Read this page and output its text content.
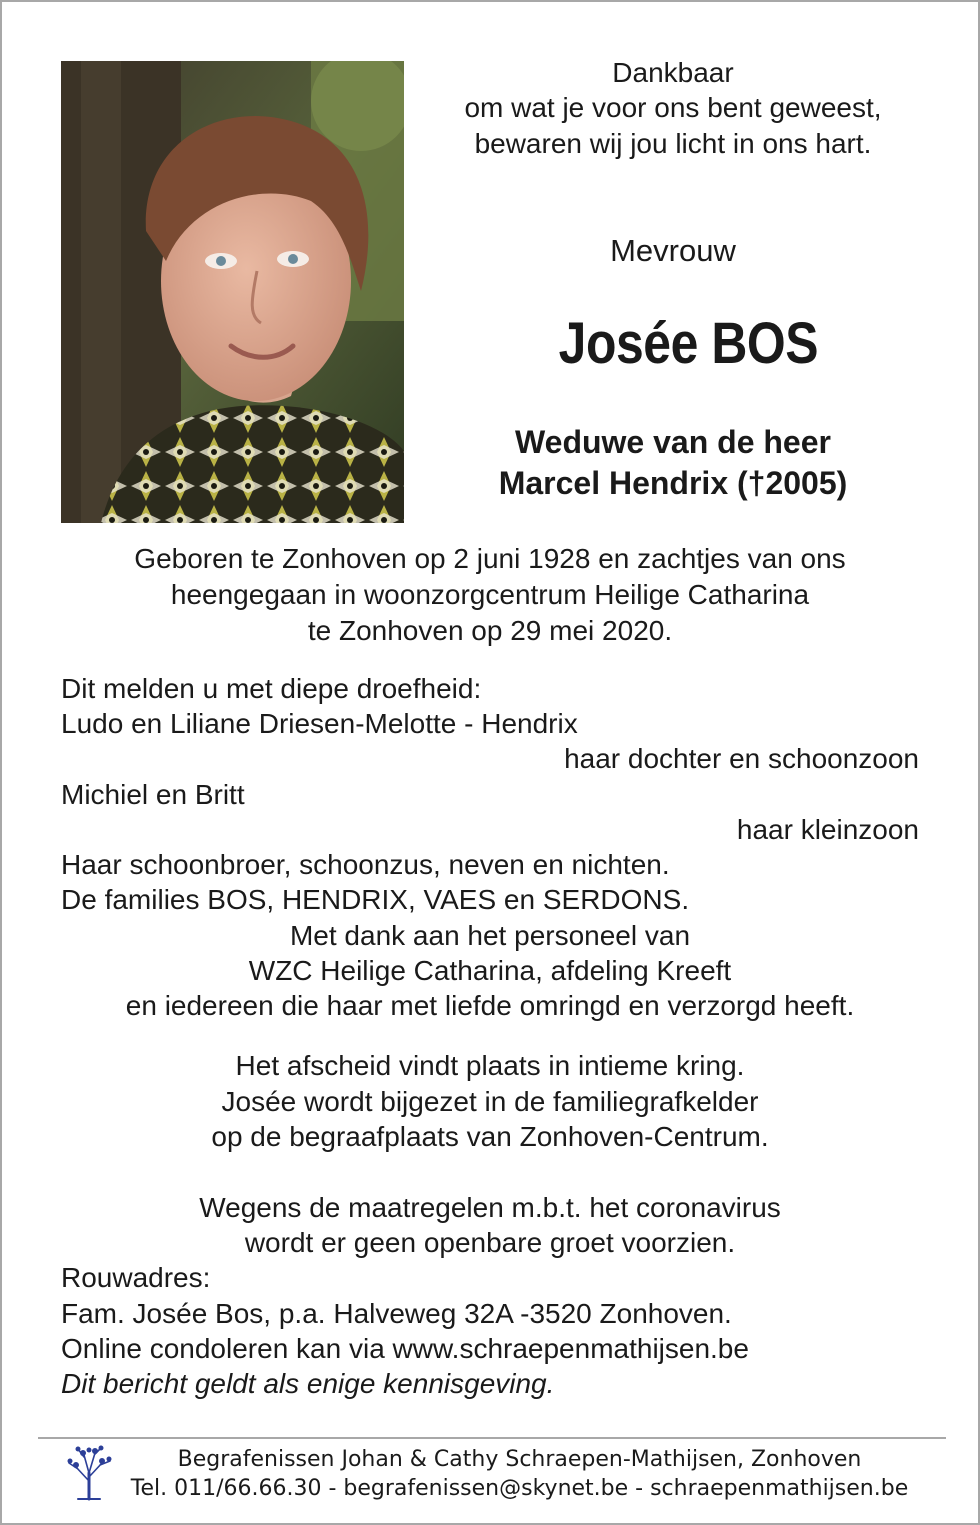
Dankbaar
om wat je voor ons bent geweest,
bewaren wij jou licht in ons hart.
Mevrouw
Josée BOS
Weduwe van de heer
Marcel Hendrix (†2005)
Geboren te Zonhoven op 2 juni 1928 en zachtjes van ons
heengegaan in woonzorgcentrum Heilige Catharina
te Zonhoven op 29 mei 2020.
Dit melden u met diepe droefheid:
Ludo en Liliane Driesen-Melotte - Hendrix
haar dochter en schoonzoon
Michiel en Britt
haar kleinzoon
Haar schoonbroer, schoonzus, neven en nichten.
De families BOS, HENDRIX, VAES en SERDONS.
Met dank aan het personeel van
WZC Heilige Catharina, afdeling Kreeft
en iedereen die haar met liefde omringd en verzorgd heeft.
Het afscheid vindt plaats in intieme kring.
Josée wordt bijgezet in de familiegrafkelder
op de begraafplaats van Zonhoven-Centrum.
Wegens de maatregelen m.b.t. het coronavirus
wordt er geen openbare groet voorzien.
Rouwadres:
Fam. Josée Bos, p.a. Halveweg 32A -3520 Zonhoven.
Online condoleren kan via www.schraepenmathijsen.be
Dit bericht geldt als enige kennisgeving.
Begrafenissen Johan & Cathy Schraepen-Mathijsen, Zonhoven
Tel. 011/66.66.30 - begrafenissen@skynet.be - schraepenmathijsen.be
